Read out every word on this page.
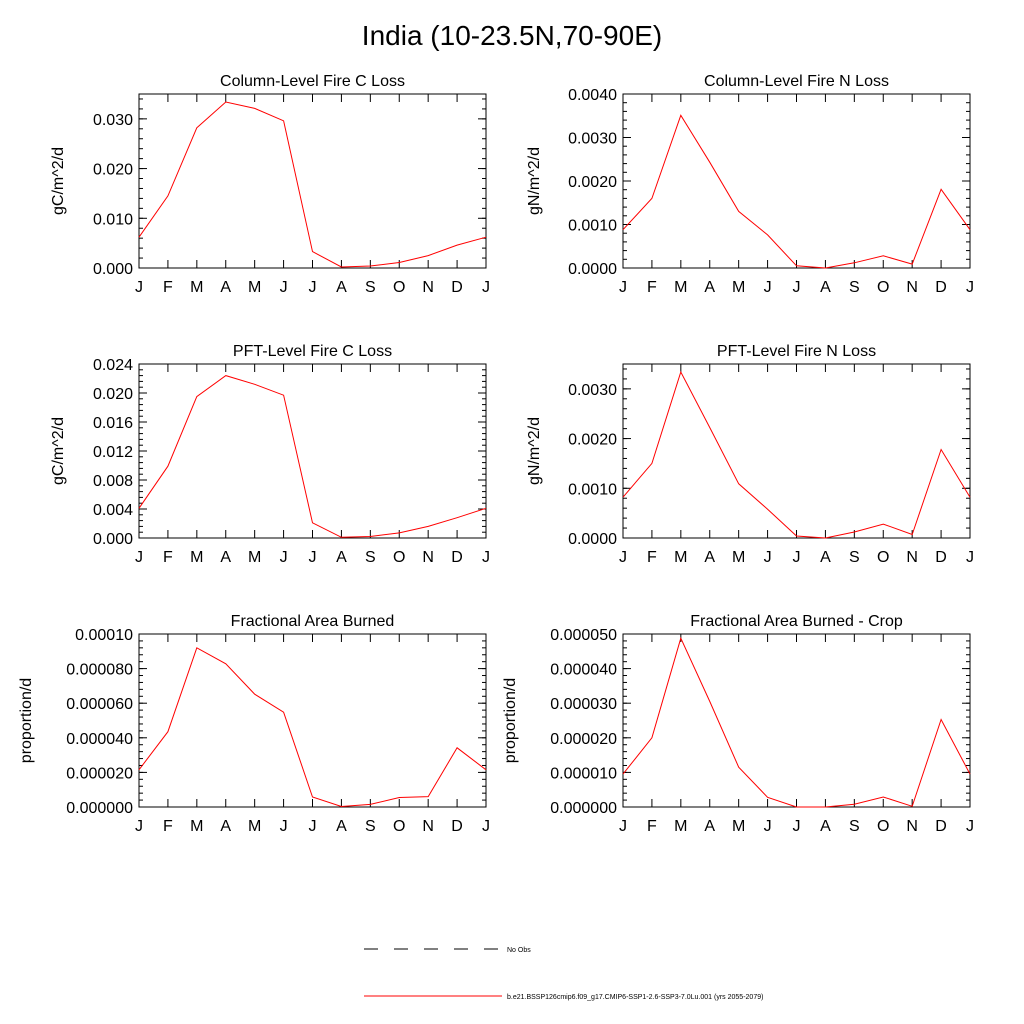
India (10-23.5N,70-90E)
Column-Level Fire C Loss
J F M A M J J A S O N D J
0.000
0.010
0.020
0.030
gC/m^2/d
Column-Level Fire N Loss
J F M A M J J A S O N D J
0.0000
0.0010
0.0020
0.0030
0.0040
gN/m^2/d
PFT-Level Fire C Loss
J F M A M J J A S O N D J
0.000
0.004
0.008
0.012
0.016
0.020
0.024
gC/m^2/d
PFT-Level Fire N Loss
J F M A M J J A S O N D J
0.0000
0.0010
0.0020
0.0030
gN/m^2/d
Fractional Area Burned
J F M A M J J A S O N D J
0.000000
0.000020
0.000040
0.000060
0.000080
0.00010
proportion/d
Fractional Area Burned - Crop
J F M A M J J A S O N D J
0.000000
0.000010
0.000020
0.000030
0.000040
0.000050
proportion/d
No Obs
b.e21.BSSP126cmip6.f09_g17.CMIP6-SSP1-2.6-SSP3-7.0Lu.001 (yrs 2055-2079)
